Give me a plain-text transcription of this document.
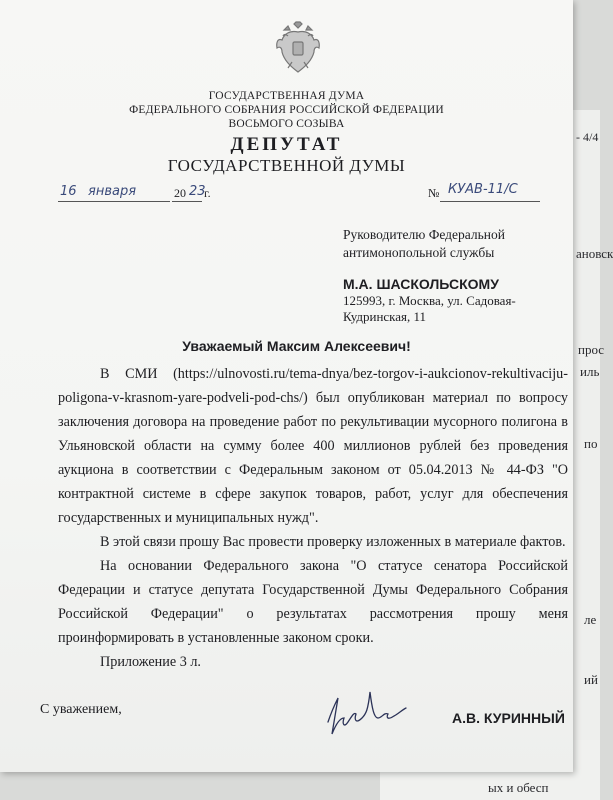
- 4/4
ановск
прос
иль
по
ле
ий
ых и обесп
ГОСУДАРСТВЕННАЯ ДУМА
ФЕДЕРАЛЬНОГО СОБРАНИЯ РОССИЙСКОЙ ФЕДЕРАЦИИ
ВОСЬМОГО СОЗЫВА
ДЕПУТАТ
ГОСУДАРСТВЕННОЙ ДУМЫ
16 января	20 23
г.	№ КУАВ-11/С
Руководителю Федеральной
антимонопольной службы
М.А. ШАСКОЛЬСКОМУ
125993, г. Москва, ул. Садовая-
Кудринская, 11
Уважаемый Максим Алексеевич!

В СМИ (https://ulnovosti.ru/tema-dnya/bez-torgov-i-aukcionov-rekultivaciju-poligona-v-krasnom-yare-podveli-pod-chs/) был опубликован материал по вопросу заключения договора на проведение работ по рекультивации мусорного полигона в Ульяновской области на сумму более 400 миллионов рублей без проведения аукциона в соответствии с Федеральным законом от 05.04.2013 № 44-ФЗ "О контрактной системе в сфере закупок товаров, работ, услуг для обеспечения государственных и муниципальных нужд".

В этой связи прошу Вас провести проверку изложенных в материале фактов.

На основании Федерального закона "О статусе сенатора Российской Федерации и статусе депутата Государственной Думы Федерального Собрания Российской Федерации" о результатах рассмотрения прошу меня проинформировать в установленные законом сроки.

Приложение 3 л.

С уважением,
А.В. КУРИННЫЙ
